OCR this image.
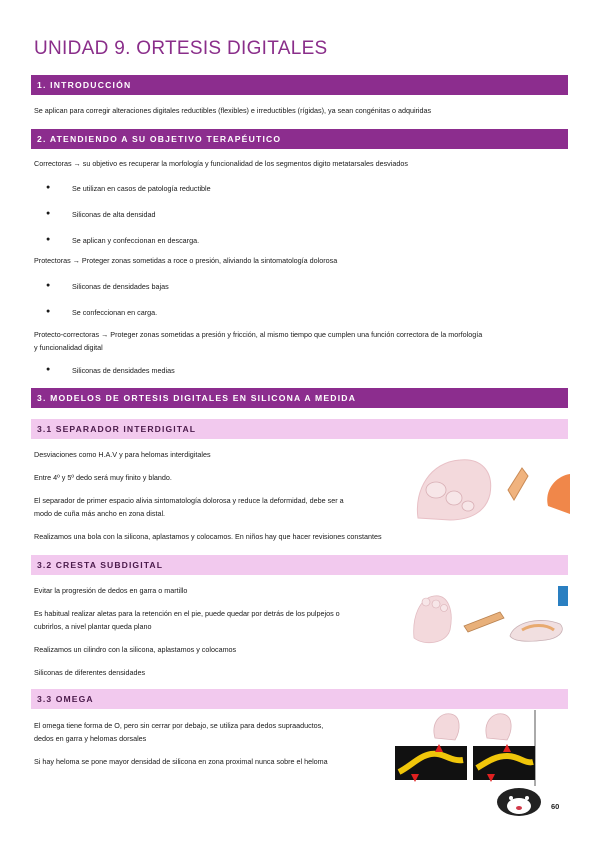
UNIDAD 9. ORTESIS DIGITALES
1. INTRODUCCIÓN
Se aplican para corregir alteraciones digitales reductibles (flexibles) e irreductibles (rígidas), ya sean congénitas o adquiridas
2. ATENDIENDO A SU OBJETIVO TERAPÉUTICO
Correctoras → su objetivo es recuperar la morfología y funcionalidad de los segmentos digito metatarsales desviados
●	Se utilizan en casos de patología reductible
●	Siliconas de alta densidad
●	Se aplican y confeccionan en descarga.
Protectoras → Proteger zonas sometidas a roce o presión, aliviando la sintomatología dolorosa
●	Siliconas de densidades bajas
●	Se confeccionan en carga.
Protecto-correctoras → Proteger zonas sometidas a presión y fricción, al mismo tiempo que cumplen una función correctora de la morfología
y funcionalidad digital
●	Siliconas de densidades medias
3. MODELOS DE ORTESIS DIGITALES EN SILICONA A MEDIDA
3.1 SEPARADOR INTERDIGITAL
Desviaciones como H.A.V y para helomas interdigitales
Entre 4º y 5º dedo será muy finito y blando.
El separador de primer espacio alivia sintomatología dolorosa y reduce la deformidad, debe ser a
modo de cuña más ancho en zona distal.
Realizamos una bola con la silicona, aplastamos y colocamos. En niños hay que hacer revisiones constantes
3.2 CRESTA SUBDIGITAL
Evitar la progresión de dedos en garra o martillo
Es habitual realizar aletas para la retención en el pie, puede quedar por detrás de los pulpejos o
cubrirlos, a nivel plantar queda plano
Realizamos un cilindro con la silicona, aplastamos y colocamos
Siliconas de diferentes densidades
3.3 OMEGA
El omega tiene forma de O, pero sin cerrar por debajo, se utiliza para dedos supraaductos,
dedos en garra y helomas dorsales
Si hay heloma se pone mayor densidad de silicona en zona proximal nunca sobre el heloma
60
